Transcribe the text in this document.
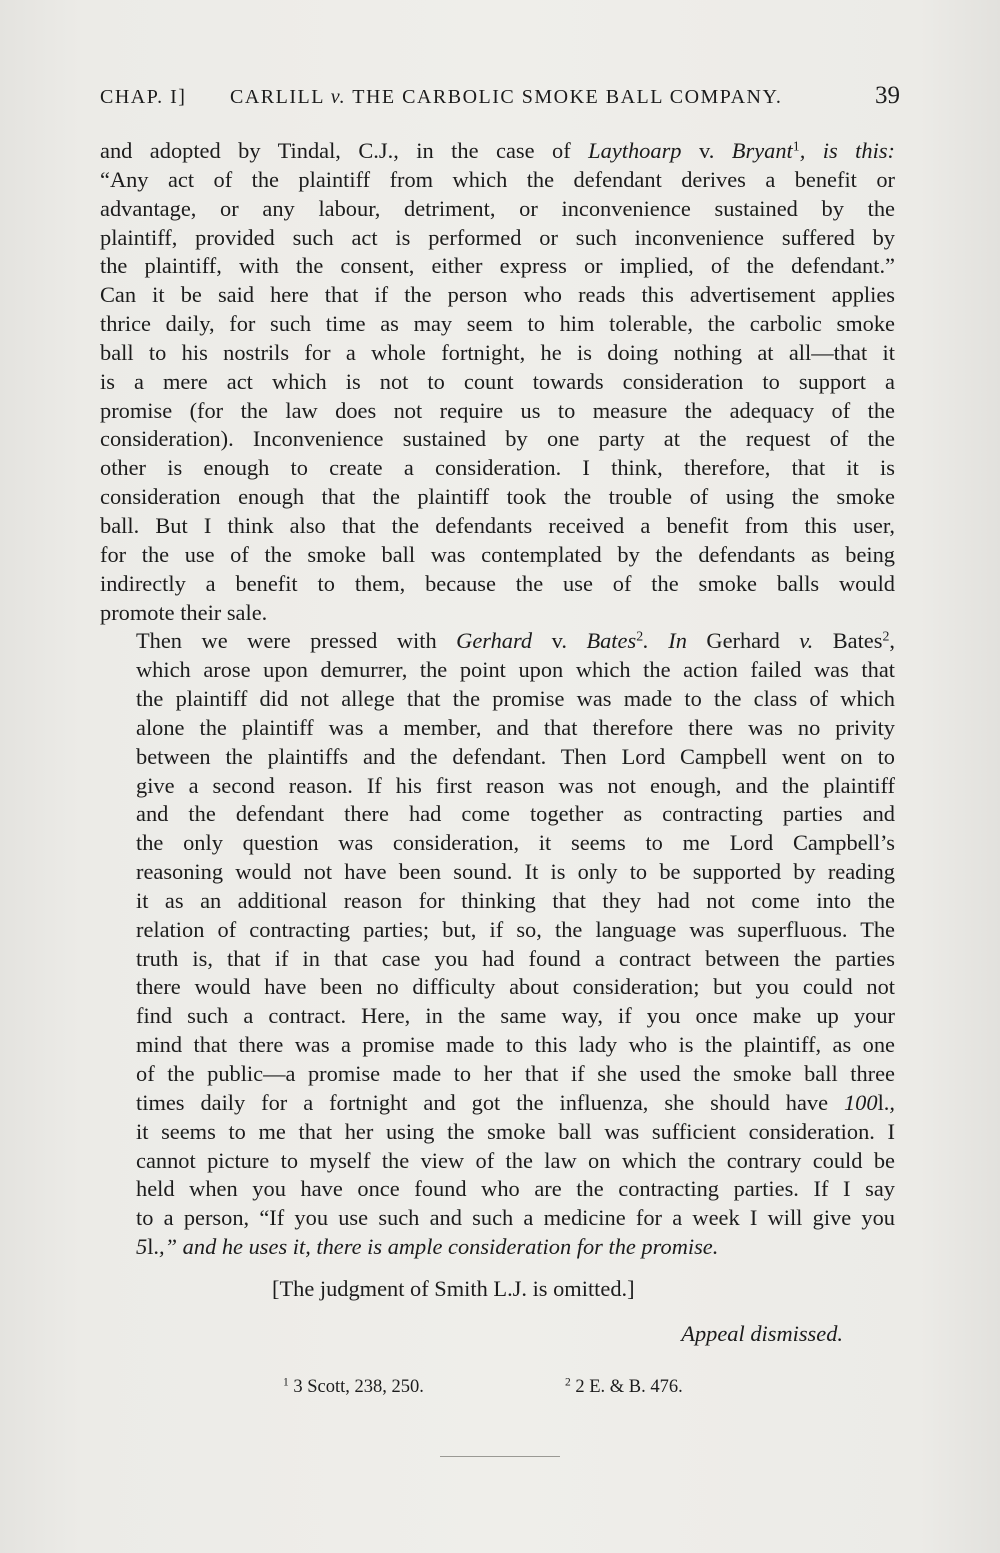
CHAP. I] CARLILL v. THE CARBOLIC SMOKE BALL COMPANY.	39

and adopted by Tindal, C.J., in the case of Laythoarp v. Bryant$^1$, is this:
“Any act of the plaintiff from which the defendant derives a benefit or
advantage, or any labour, detriment, or inconvenience sustained by the
plaintiff, provided such act is performed or such inconvenience suffered by
the plaintiff, with the consent, either express or implied, of the defendant.”
Can it be said here that if the person who reads this advertisement applies
thrice daily, for such time as may seem to him tolerable, the carbolic smoke
ball to his nostrils for a whole fortnight, he is doing nothing at all—that it
is a mere act which is not to count towards consideration to support a
promise (for the law does not require us to measure the adequacy of the
consideration). Inconvenience sustained by one party at the request of the
other is enough to create a consideration. I think, therefore, that it is
consideration enough that the plaintiff took the trouble of using the smoke
ball. But I think also that the defendants received a benefit from this user,
for the use of the smoke ball was contemplated by the defendants as being
indirectly a benefit to them, because the use of the smoke balls would
promote their sale.

Then we were pressed with Gerhard v. Bates$^2$. In Gerhard v. Bates$^2$,
which arose upon demurrer, the point upon which the action failed was that
the plaintiff did not allege that the promise was made to the class of which
alone the plaintiff was a member, and that therefore there was no privity
between the plaintiffs and the defendant. Then Lord Campbell went on to
give a second reason. If his first reason was not enough, and the plaintiff
and the defendant there had come together as contracting parties and
the only question was consideration, it seems to me Lord Campbell’s
reasoning would not have been sound. It is only to be supported by reading
it as an additional reason for thinking that they had not come into the
relation of contracting parties; but, if so, the language was superfluous. The
truth is, that if in that case you had found a contract between the parties
there would have been no difficulty about consideration; but you could not
find such a contract. Here, in the same way, if you once make up your
mind that there was a promise made to this lady who is the plaintiff, as one
of the public—a promise made to her that if she used the smoke ball three
times daily for a fortnight and got the influenza, she should have 100l.,
it seems to me that her using the smoke ball was sufficient consideration. I
cannot picture to myself the view of the law on which the contrary could be
held when you have once found who are the contracting parties. If I say
to a person, “If you use such and such a medicine for a week I will give you
5l.,” and he uses it, there is ample consideration for the promise.

[The judgment of Smith L.J. is omitted.]
Appeal dismissed.
$^1$ 3 Scott, 238, 250.	$^2$ 2 E. & B. 476.
